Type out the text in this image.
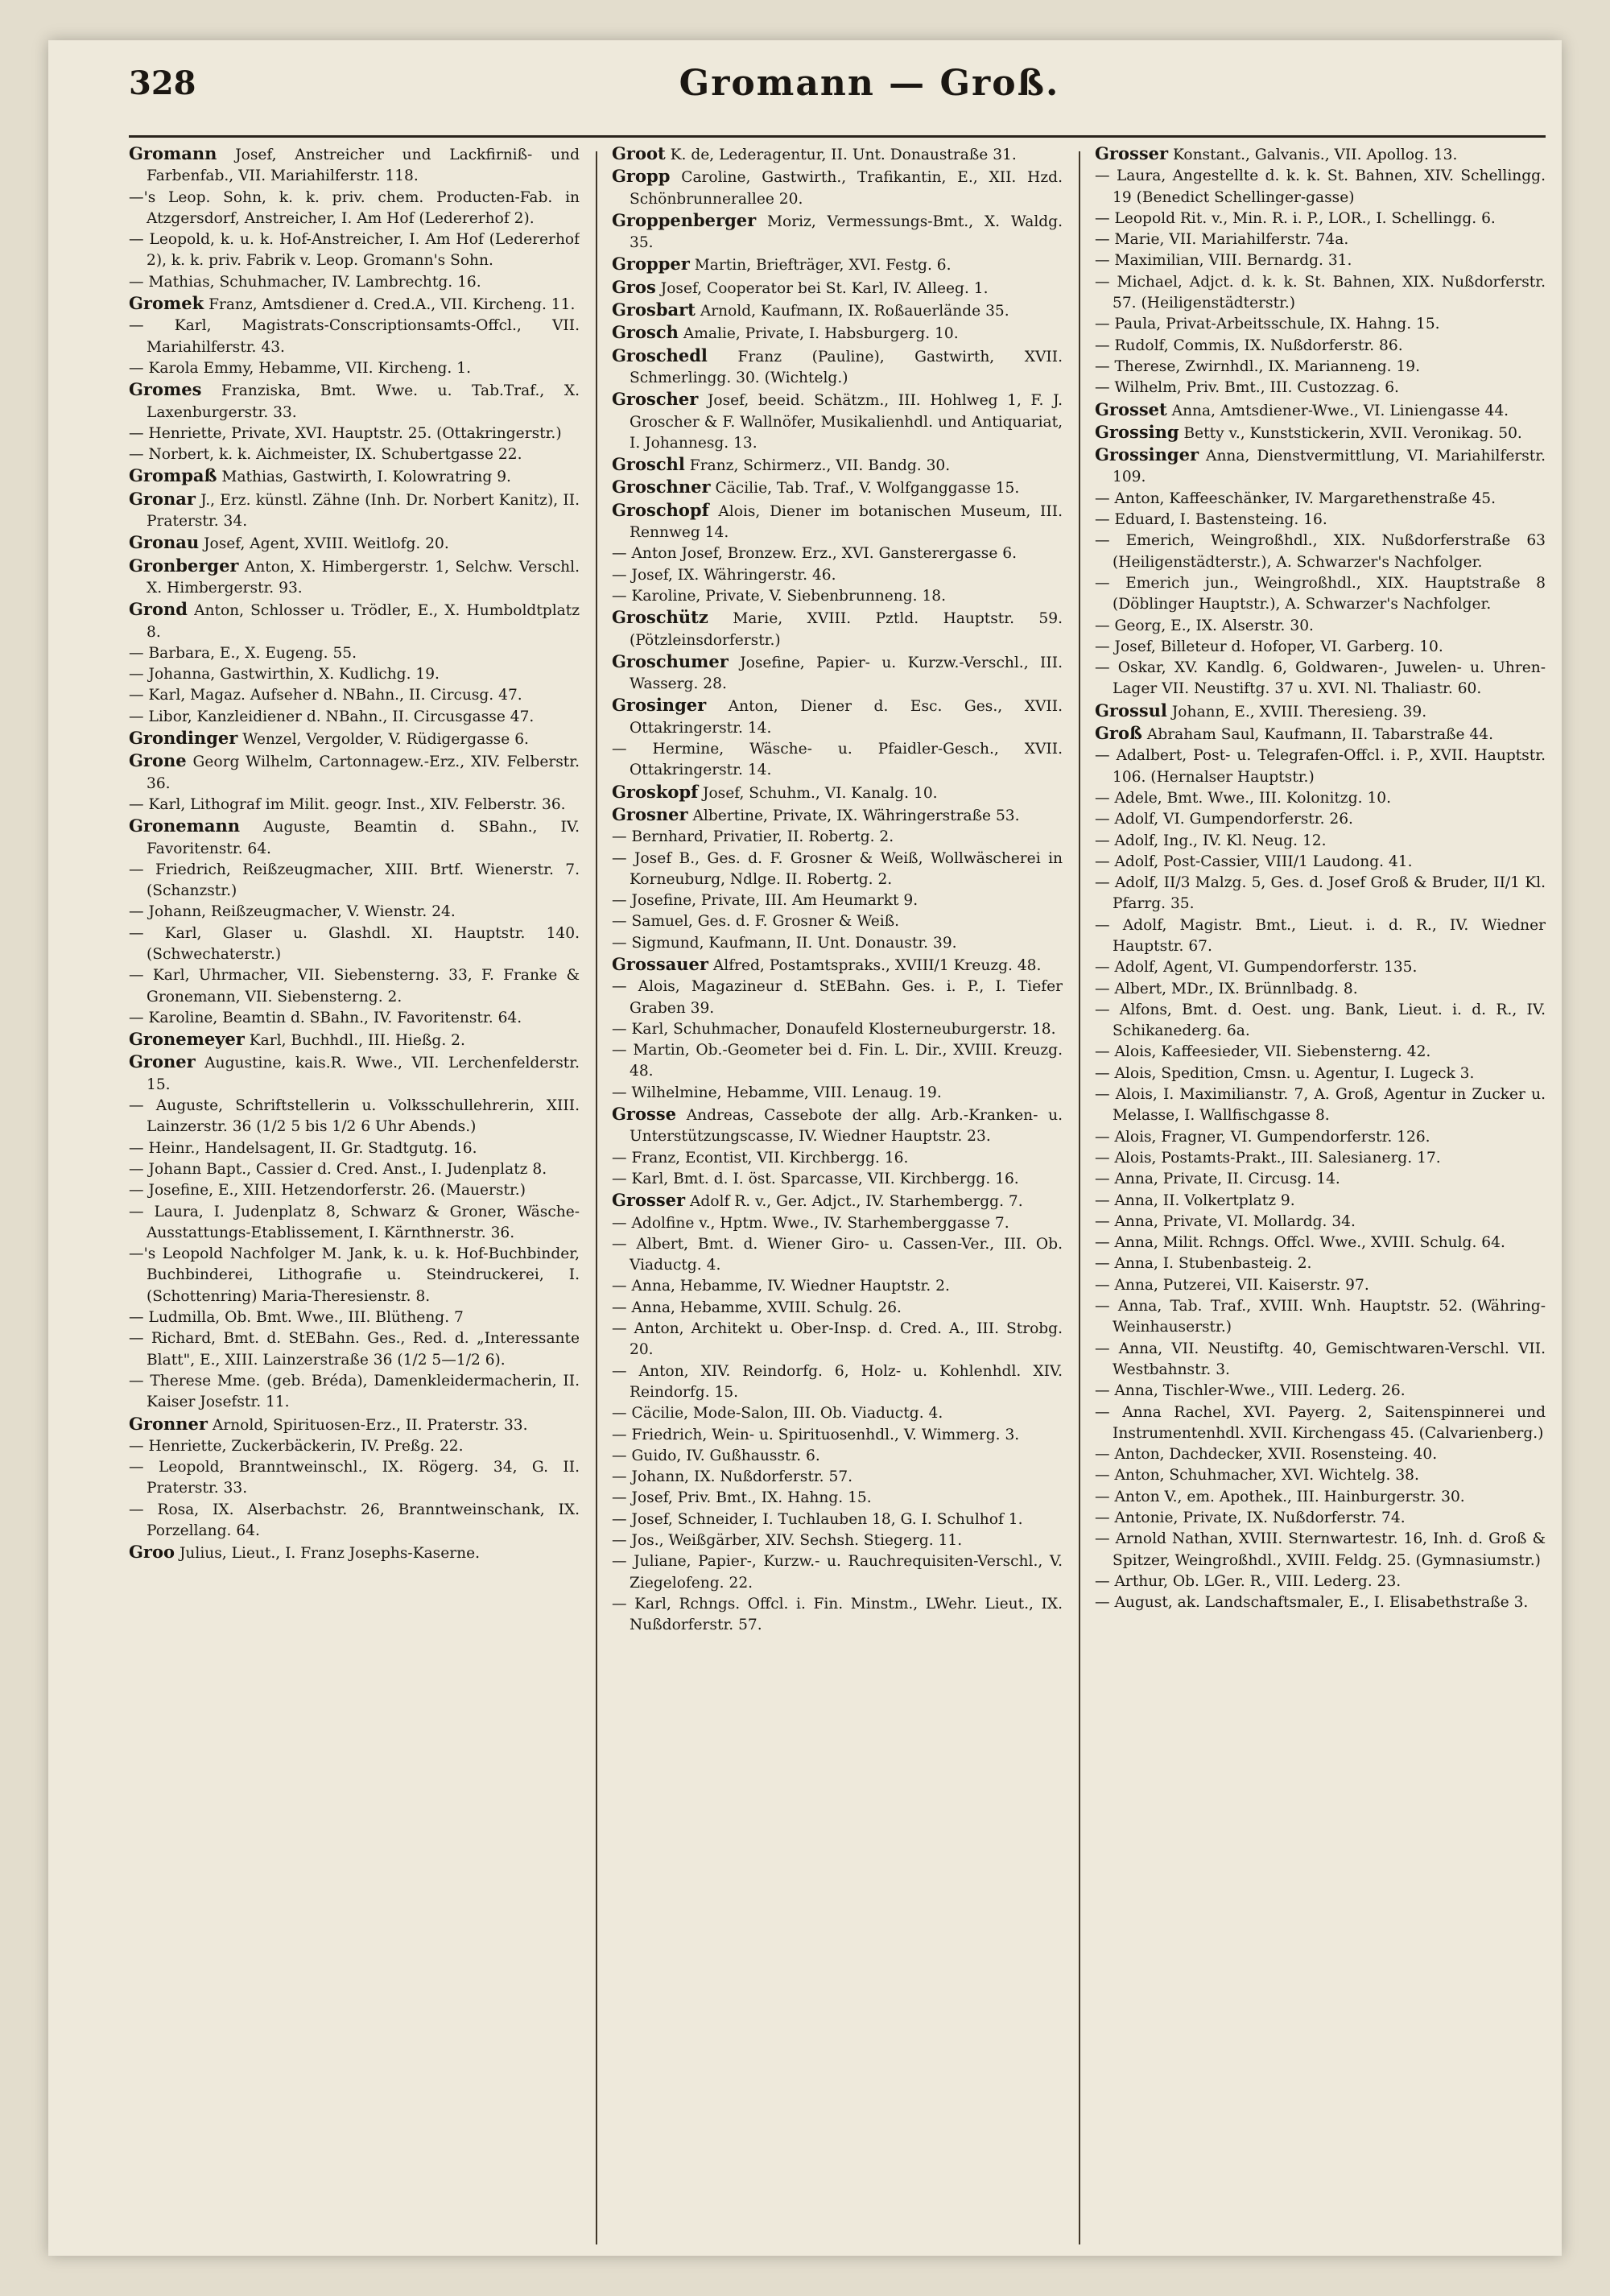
328	Gromann — Groß.

Gromann Josef, Anstreicher und Lackfirniß- und Farbenfab., VII. Mariahilferstr. 118.

—'s Leop. Sohn, k. k. priv. chem. Producten-Fab. in Atzgersdorf, Anstreicher, I. Am Hof (Ledererhof 2).

— Leopold, k. u. k. Hof-Anstreicher, I. Am Hof (Ledererhof 2), k. k. priv. Fabrik v. Leop. Gromann's Sohn.

— Mathias, Schuhmacher, IV. Lambrechtg. 16.

Gromek Franz, Amtsdiener d. Cred.A., VII. Kircheng. 11.

— Karl, Magistrats-Conscriptionsamts-Offcl., VII. Mariahilferstr. 43.

— Karola Emmy, Hebamme, VII. Kircheng. 1.

Gromes Franziska, Bmt. Wwe. u. Tab.Traf., X. Laxenburgerstr. 33.

— Henriette, Private, XVI. Hauptstr. 25. (Ottakringerstr.)

— Norbert, k. k. Aichmeister, IX. Schubertgasse 22.

Grompaß Mathias, Gastwirth, I. Kolowratring 9.

Gronar J., Erz. künstl. Zähne (Inh. Dr. Norbert Kanitz), II. Praterstr. 34.

Gronau Josef, Agent, XVIII. Weitlofg. 20.

Gronberger Anton, X. Himbergerstr. 1, Selchw. Verschl. X. Himbergerstr. 93.

Grond Anton, Schlosser u. Trödler, E., X. Humboldtplatz 8.

— Barbara, E., X. Eugeng. 55.

— Johanna, Gastwirthin, X. Kudlichg. 19.

— Karl, Magaz. Aufseher d. NBahn., II. Circusg. 47.

— Libor, Kanzleidiener d. NBahn., II. Circusgasse 47.

Grondinger Wenzel, Vergolder, V. Rüdigergasse 6.

Grone Georg Wilhelm, Cartonnagew.-Erz., XIV. Felberstr. 36.

— Karl, Lithograf im Milit. geogr. Inst., XIV. Felberstr. 36.

Gronemann Auguste, Beamtin d. SBahn., IV. Favoritenstr. 64.

— Friedrich, Reißzeugmacher, XIII. Brtf. Wienerstr. 7. (Schanzstr.)

— Johann, Reißzeugmacher, V. Wienstr. 24.

— Karl, Glaser u. Glashdl. XI. Hauptstr. 140. (Schwechaterstr.)

— Karl, Uhrmacher, VII. Siebensterng. 33, F. Franke & Gronemann, VII. Siebensterng. 2.

— Karoline, Beamtin d. SBahn., IV. Favoritenstr. 64.

Gronemeyer Karl, Buchhdl., III. Hießg. 2.

Groner Augustine, kais.R. Wwe., VII. Lerchenfelderstr. 15.

— Auguste, Schriftstellerin u. Volksschullehrerin, XIII. Lainzerstr. 36 (1/2 5 bis 1/2 6 Uhr Abends.)

— Heinr., Handelsagent, II. Gr. Stadtgutg. 16.

— Johann Bapt., Cassier d. Cred. Anst., I. Judenplatz 8.

— Josefine, E., XIII. Hetzendorferstr. 26. (Mauerstr.)

— Laura, I. Judenplatz 8, Schwarz & Groner, Wäsche-Ausstattungs-Etablissement, I. Kärnthnerstr. 36.

—'s Leopold Nachfolger M. Jank, k. u. k. Hof-Buchbinder, Buchbinderei, Lithografie u. Steindruckerei, I. (Schottenring) Maria-Theresienstr. 8.

— Ludmilla, Ob. Bmt. Wwe., III. Blütheng. 7

— Richard, Bmt. d. StEBahn. Ges., Red. d. „Interessante Blatt", E., XIII. Lainzerstraße 36 (1/2 5—1/2 6).

— Therese Mme. (geb. Bréda), Damenkleidermacherin, II. Kaiser Josefstr. 11.

Gronner Arnold, Spirituosen-Erz., II. Praterstr. 33.

— Henriette, Zuckerbäckerin, IV. Preßg. 22.

— Leopold, Branntweinschl., IX. Rögerg. 34, G. II. Praterstr. 33.

— Rosa, IX. Alserbachstr. 26, Branntweinschank, IX. Porzellang. 64.

Groo Julius, Lieut., I. Franz Josephs-Kaserne.

Groot K. de, Lederagentur, II. Unt. Donaustraße 31.

Gropp Caroline, Gastwirth., Trafikantin, E., XII. Hzd. Schönbrunnerallee 20.

Groppenberger Moriz, Vermessungs-Bmt., X. Waldg. 35.

Gropper Martin, Briefträger, XVI. Festg. 6.

Gros Josef, Cooperator bei St. Karl, IV. Alleeg. 1.

Grosbart Arnold, Kaufmann, IX. Roßauerlände 35.

Grosch Amalie, Private, I. Habsburgerg. 10.

Groschedl Franz (Pauline), Gastwirth, XVII. Schmerlingg. 30. (Wichtelg.)

Groscher Josef, beeid. Schätzm., III. Hohlweg 1, F. J. Groscher & F. Wallnöfer, Musikalienhdl. und Antiquariat, I. Johannesg. 13.

Groschl Franz, Schirmerz., VII. Bandg. 30.

Groschner Cäcilie, Tab. Traf., V. Wolfganggasse 15.

Groschopf Alois, Diener im botanischen Museum, III. Rennweg 14.

— Anton Josef, Bronzew. Erz., XVI. Gansterergasse 6.

— Josef, IX. Währingerstr. 46.

— Karoline, Private, V. Siebenbrunneng. 18.

Groschütz Marie, XVIII. Pztld. Hauptstr. 59. (Pötzleinsdorferstr.)

Groschumer Josefine, Papier- u. Kurzw.-Verschl., III. Wasserg. 28.

Grosinger Anton, Diener d. Esc. Ges., XVII. Ottakringerstr. 14.

— Hermine, Wäsche- u. Pfaidler-Gesch., XVII. Ottakringerstr. 14.

Groskopf Josef, Schuhm., VI. Kanalg. 10.

Grosner Albertine, Private, IX. Währingerstraße 53.

— Bernhard, Privatier, II. Robertg. 2.

— Josef B., Ges. d. F. Grosner & Weiß, Wollwäscherei in Korneuburg, Ndlge. II. Robertg. 2.

— Josefine, Private, III. Am Heumarkt 9.

— Samuel, Ges. d. F. Grosner & Weiß.

— Sigmund, Kaufmann, II. Unt. Donaustr. 39.

Grossauer Alfred, Postamtspraks., XVIII/1 Kreuzg. 48.

— Alois, Magazineur d. StEBahn. Ges. i. P., I. Tiefer Graben 39.

— Karl, Schuhmacher, Donaufeld Klosterneuburgerstr. 18.

— Martin, Ob.-Geometer bei d. Fin. L. Dir., XVIII. Kreuzg. 48.

— Wilhelmine, Hebamme, VIII. Lenaug. 19.

Grosse Andreas, Cassebote der allg. Arb.-Kranken- u. Unterstützungscasse, IV. Wiedner Hauptstr. 23.

— Franz, Econtist, VII. Kirchbergg. 16.

— Karl, Bmt. d. I. öst. Sparcasse, VII. Kirchbergg. 16.

Grosser Adolf R. v., Ger. Adjct., IV. Starhembergg. 7.

— Adolfine v., Hptm. Wwe., IV. Starhemberggasse 7.

— Albert, Bmt. d. Wiener Giro- u. Cassen-Ver., III. Ob. Viaductg. 4.

— Anna, Hebamme, IV. Wiedner Hauptstr. 2.

— Anna, Hebamme, XVIII. Schulg. 26.

— Anton, Architekt u. Ober-Insp. d. Cred. A., III. Strobg. 20.

— Anton, XIV. Reindorfg. 6, Holz- u. Kohlenhdl. XIV. Reindorfg. 15.

— Cäcilie, Mode-Salon, III. Ob. Viaductg. 4.

— Friedrich, Wein- u. Spirituosenhdl., V. Wimmerg. 3.

— Guido, IV. Gußhausstr. 6.

— Johann, IX. Nußdorferstr. 57.

— Josef, Priv. Bmt., IX. Hahng. 15.

— Josef, Schneider, I. Tuchlauben 18, G. I. Schulhof 1.

— Jos., Weißgärber, XIV. Sechsh. Stiegerg. 11.

— Juliane, Papier-, Kurzw.- u. Rauchrequisiten-Verschl., V. Ziegelofeng. 22.

— Karl, Rchngs. Offcl. i. Fin. Minstm., LWehr. Lieut., IX. Nußdorferstr. 57.

Grosser Konstant., Galvanis., VII. Apollog. 13.

— Laura, Angestellte d. k. k. St. Bahnen, XIV. Schellingg. 19 (Benedict Schellinger-gasse)

— Leopold Rit. v., Min. R. i. P., LOR., I. Schellingg. 6.

— Marie, VII. Mariahilferstr. 74a.

— Maximilian, VIII. Bernardg. 31.

— Michael, Adjct. d. k. k. St. Bahnen, XIX. Nußdorferstr. 57. (Heiligenstädterstr.)

— Paula, Privat-Arbeitsschule, IX. Hahng. 15.

— Rudolf, Commis, IX. Nußdorferstr. 86.

— Therese, Zwirnhdl., IX. Marianneng. 19.

— Wilhelm, Priv. Bmt., III. Custozzag. 6.

Grosset Anna, Amtsdiener-Wwe., VI. Liniengasse 44.

Grossing Betty v., Kunststickerin, XVII. Veronikag. 50.

Grossinger Anna, Dienstvermittlung, VI. Mariahilferstr. 109.

— Anton, Kaffeeschänker, IV. Margarethenstraße 45.

— Eduard, I. Bastensteing. 16.

— Emerich, Weingroßhdl., XIX. Nußdorferstraße 63 (Heiligenstädterstr.), A. Schwarzer's Nachfolger.

— Emerich jun., Weingroßhdl., XIX. Hauptstraße 8 (Döblinger Hauptstr.), A. Schwarzer's Nachfolger.

— Georg, E., IX. Alserstr. 30.

— Josef, Billeteur d. Hofoper, VI. Garberg. 10.

— Oskar, XV. Kandlg. 6, Goldwaren-, Juwelen- u. Uhren-Lager VII. Neustiftg. 37 u. XVI. Nl. Thaliastr. 60.

Grossul Johann, E., XVIII. Theresieng. 39.

Groß Abraham Saul, Kaufmann, II. Tabarstraße 44.

— Adalbert, Post- u. Telegrafen-Offcl. i. P., XVII. Hauptstr. 106. (Hernalser Hauptstr.)

— Adele, Bmt. Wwe., III. Kolonitzg. 10.

— Adolf, VI. Gumpendorferstr. 26.

— Adolf, Ing., IV. Kl. Neug. 12.

— Adolf, Post-Cassier, VIII/1 Laudong. 41.

— Adolf, II/3 Malzg. 5, Ges. d. Josef Groß & Bruder, II/1 Kl. Pfarrg. 35.

— Adolf, Magistr. Bmt., Lieut. i. d. R., IV. Wiedner Hauptstr. 67.

— Adolf, Agent, VI. Gumpendorferstr. 135.

— Albert, MDr., IX. Brünnlbadg. 8.

— Alfons, Bmt. d. Oest. ung. Bank, Lieut. i. d. R., IV. Schikanederg. 6a.

— Alois, Kaffeesieder, VII. Siebensterng. 42.

— Alois, Spedition, Cmsn. u. Agentur, I. Lugeck 3.

— Alois, I. Maximilianstr. 7, A. Groß, Agentur in Zucker u. Melasse, I. Wallfischgasse 8.

— Alois, Fragner, VI. Gumpendorferstr. 126.

— Alois, Postamts-Prakt., III. Salesianerg. 17.

— Anna, Private, II. Circusg. 14.

— Anna, II. Volkertplatz 9.

— Anna, Private, VI. Mollardg. 34.

— Anna, Milit. Rchngs. Offcl. Wwe., XVIII. Schulg. 64.

— Anna, I. Stubenbasteig. 2.

— Anna, Putzerei, VII. Kaiserstr. 97.

— Anna, Tab. Traf., XVIII. Wnh. Hauptstr. 52. (Währing-Weinhauserstr.)

— Anna, VII. Neustiftg. 40, Gemischtwaren-Verschl. VII. Westbahnstr. 3.

— Anna, Tischler-Wwe., VIII. Lederg. 26.

— Anna Rachel, XVI. Payerg. 2, Saitenspinnerei und Instrumentenhdl. XVII. Kirchengass 45. (Calvarienberg.)

— Anton, Dachdecker, XVII. Rosensteing. 40.

— Anton, Schuhmacher, XVI. Wichtelg. 38.

— Anton V., em. Apothek., III. Hainburgerstr. 30.

— Antonie, Private, IX. Nußdorferstr. 74.

— Arnold Nathan, XVIII. Sternwartestr. 16, Inh. d. Groß & Spitzer, Weingroßhdl., XVIII. Feldg. 25. (Gymnasiumstr.)

— Arthur, Ob. LGer. R., VIII. Lederg. 23.

— August, ak. Landschaftsmaler, E., I. Elisabethstraße 3.
